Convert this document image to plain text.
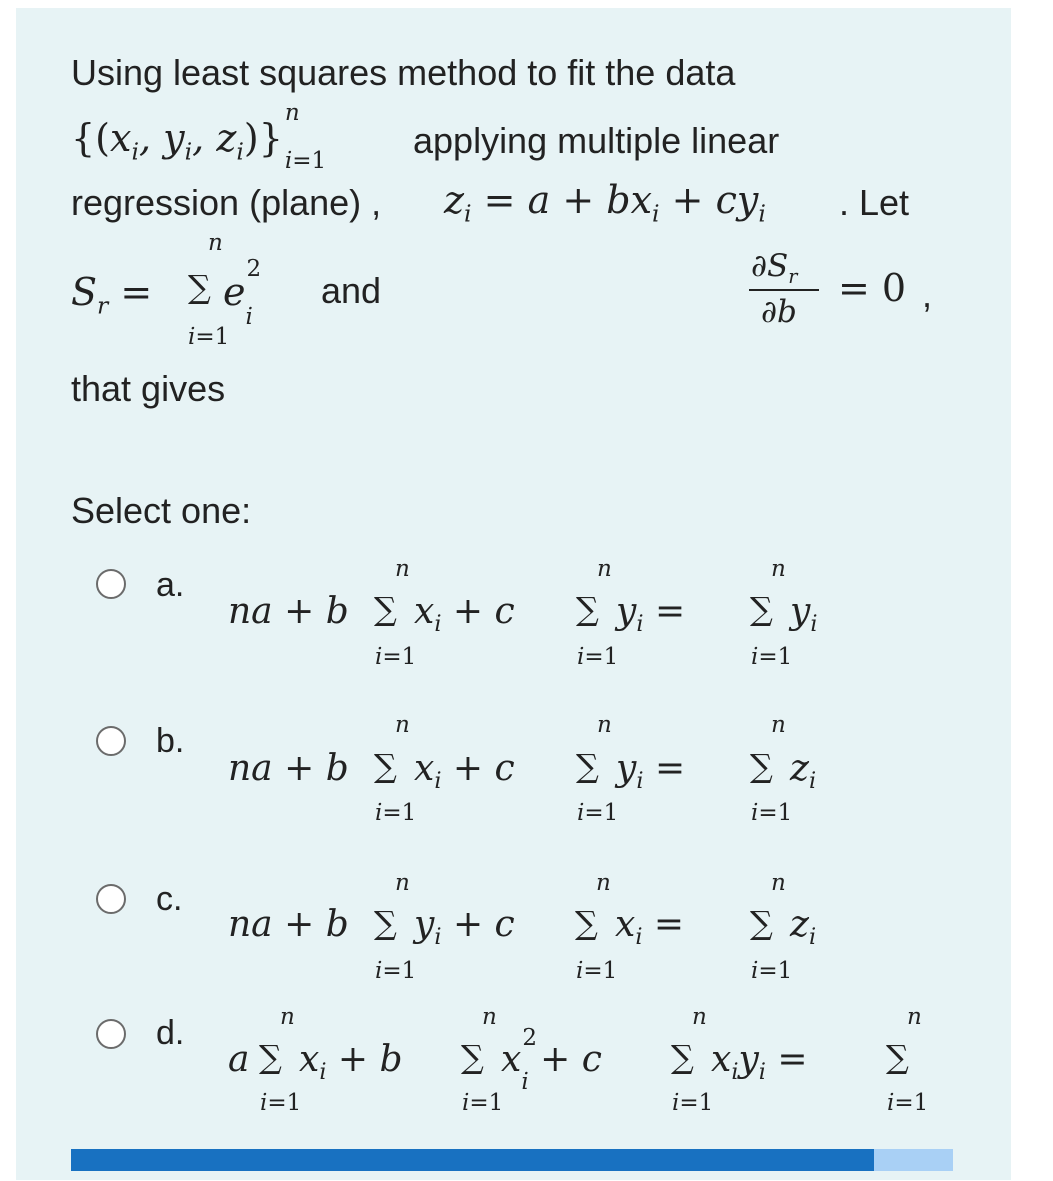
Using least squares method to fit the data
{($x_i$, $y_i$, $z_i$)}
n
$_{i=1}$ applying multiple linear
regression (plane) , $z_i = a + bx_i + cy_i$ . Let
$S_r$ =
n
∑
i=1
e
2
$_i$
and
$\partial S_r$
∂b
= 0 ,
that gives
Select one:
a.
na + b
n
∑
i=1
$x_i + c$
n
∑
i=1
$y_i$ =
n
∑
i=1
$y_i$
b.
na + b
n
∑
i=1
$x_i + c$
n
∑
i=1
$y_i$ =
n
∑
i=1
$z_i$
c.
na + b
n
∑
i=1
$y_i + c$
n
∑
i=1
$x_i$ =
n
∑
i=1
$z_i$
d.
a
n
∑
i=1
$x_i + b$
n
∑
i=1
x
2
$_i$ + c
n
∑
i=1
$x_iy_i$ =
n
∑
i=1
